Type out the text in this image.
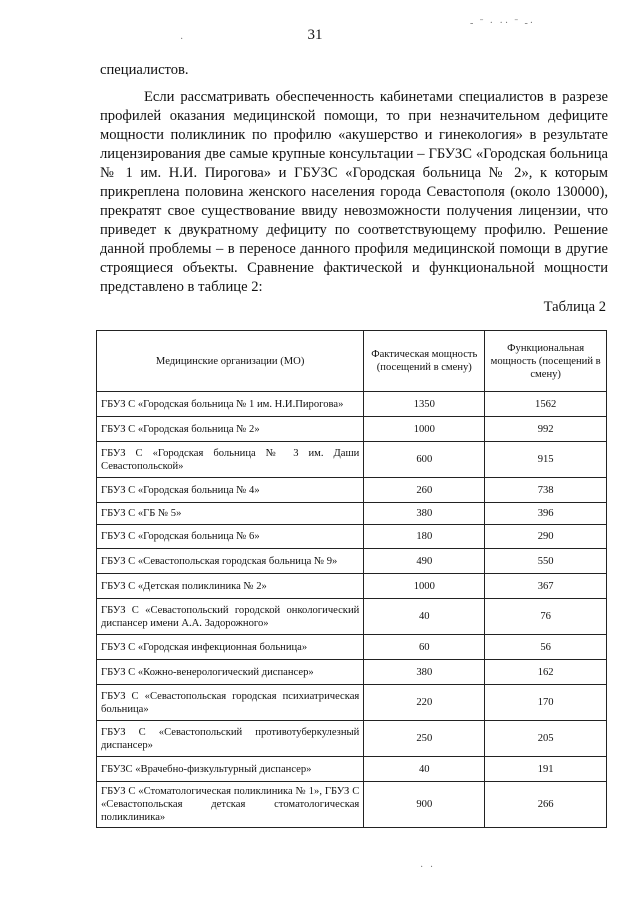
31
- ˉ · ·· ˉ -·
·
специалистов.
Если рассматривать обеспеченность кабинетами специалистов в разрезе профилей оказания медицинской помощи, то при незначительном дефиците мощности поликлиник по профилю «акушерство и гинекология» в результате лицензирования две самые крупные консультации – ГБУЗС «Городская больница № 1 им. Н.И. Пирогова» и ГБУЗС «Городская больница № 2», к которым прикреплена половина женского населения города Севастополя (около 130000), прекратят свое существование ввиду невозможности получения лицензии, что приведет к двукратному дефициту по соответствующему профилю. Решение данной проблемы – в переносе данного профиля медицинской помощи в другие строящиеся объекты. Сравнение фактической и функциональной мощности представлено в таблице 2:
Таблица 2
Медицинские организации (МО)	Фактическая мощность (посещений в смену)	Функциональная мощность (посещений в смену)
ГБУЗ С «Городская больница № 1 им. Н.И.Пирогова»	1350	1562
ГБУЗ С «Городская больница № 2»	1000	992
ГБУЗ С «Городская больница № 3 им. Даши Севастопольской»	600	915
ГБУЗ С «Городская больница № 4»	260	738
ГБУЗ С «ГБ № 5»	380	396
ГБУЗ С «Городская больница № 6»	180	290
ГБУЗ С «Севастопольская городская больница № 9»	490	550
ГБУЗ С «Детская поликлиника № 2»	1000	367
ГБУЗ С «Севастопольский городской онкологический диспансер имени А.А. Задорожного»	40	76
ГБУЗ С «Городская инфекционная больница»	60	56
ГБУЗ С «Кожно-венерологический диспансер»	380	162
ГБУЗ С «Севастопольская городская психиатрическая больница»	220	170
ГБУЗ С «Севастопольский противотуберкулезный диспансер»	250	205
ГБУЗС «Врачебно-физкультурный диспансер»	40	191
ГБУЗ С «Стоматологическая поликлиника № 1», ГБУЗ С «Севастопольская детская стоматологическая поликлиника»	900	266
· ·
